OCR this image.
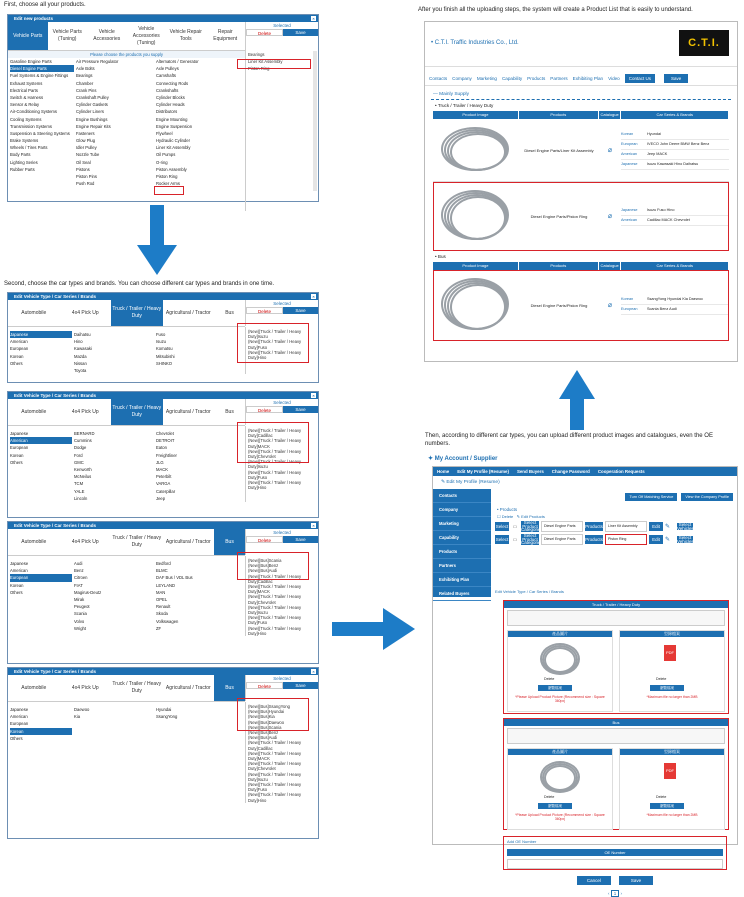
First, choose all your products.
Second, choose the car types and brands. You can choose different car types and brands in one time.
After you finish all the uploading steps, the system will create a Product List that is easily to understand.
Then, according to different car types, you can upload different product images and catalogues, even the OE numbers.
Edit new products	×
Vehicle Parts
Vehicle Parts (Tuning)
Vehicle Accessories
Vehicle Accessories (Tuning)
Vehicle Repair Tools
Repair Equipment
Selected
Delete	Save
Please choose the products you supply
Gasoline Engine Parts
Diesel Engine Parts
Fuel Systems & Engine Fittings
Exhaust Systems
Electrical Parts
Switch & Harness
Sensor & Relay
Air-Conditioning Systems
Cooling Systems
Transmission Systems
Suspension & Steering Systems
Brake Systems
Wheels / Tires Parts
Body Parts
Lighting Series
Rubber Parts
Air Pressure Regulator
Axle Bolts
Bearings
Chamber
Crank Pins
Crankshaft Pulley
Cylinder Gaskets
Cylinder Liners
Engine Bushings
Engine Repair Kits
Fasteners
Glow Plug
Idler Pulley
Nozzle Tube
Oil Seal
Pistons
Piston Pins
Push Rod
Alternators / Generator
Axle Pulleys
Camshafts
Connecting Rods
Crankshafts
Cylinder Blocks
Cylinder Heads
Distributors
Engine Mounting
Engine Suspension
Flywheel
Hydraulic Cylinder
Liner Kit Assembly
Oil Pumps
O-ring
Piston Assembly
Piston Ring
Rocker Arms
Bearings
Liner Kit Assembly
Piston Ring
Edit Vehicle Type / Car Series / Brands	×
Automobile	4x4 Pick Up
Truck / Trailer / Heavy Duty
Agricultural / Tractor	Bus
Selected
Delete	Save
Japanese
American
European
Korean
Others
Daihatsu
Hino
Kawasaki
Mazda
Nissan
Toyota
Fuso
Isuzu
Komatsu
Mitsubishi
SHINKO
(New)[Truck / Trailer / Heavy Duty]Isuzu
(New)[Truck / Trailer / Heavy Duty]Fuso
(New)[Truck / Trailer / Heavy Duty]Hino
Edit Vehicle Type / Car Series / Brands	×
Automobile	4x4 Pick Up
Truck / Trailer / Heavy Duty
Agricultural / Tractor	Bus
Selected
Delete	Save
Japanese
American
European
Korean
Others
BERNARD
Cummins
Dodge
Ford
GMC
Kenworth
McNeilus
TCM
YALE
Lincoln
Chevrolet
DETROIT
Eaton
Freightliner
JLG
MACK
Peterbilt
VARGA
Caterpillar
Jeep
(New)[Truck / Trailer / Heavy Duty]Cadillac
(New)[Truck / Trailer / Heavy Duty]MACK
(New)[Truck / Trailer / Heavy Duty]Chevrolet
(New)[Truck / Trailer / Heavy Duty]Isuzu
(New)[Truck / Trailer / Heavy Duty]Fuso
(New)[Truck / Trailer / Heavy Duty]Hino
Edit Vehicle Type / Car Series / Brands	×
Automobile	4x4 Pick Up
Truck / Trailer / Heavy Duty
Agricultural / Tractor	Bus
Selected
Delete	Save
Japanese
American
European
Korean
Others
Audi
Benz
Citroen
FIAT
Magirus-Deutz
Mirak
Peugeot
Scania
Volvo
Wright
Bedford
BLMC
DAF Bus / VDL Bus
LEYLAND
MAN
OPEL
Renault
Skoda
Volkswagen
ZF
(New)[Bus]Scania
(New)[Bus]Benz
(New)[Bus]Audi
(New)[Truck / Trailer / Heavy Duty]Cadillac
(New)[Truck / Trailer / Heavy Duty]MACK
(New)[Truck / Trailer / Heavy Duty]Chevrolet
(New)[Truck / Trailer / Heavy Duty]Isuzu
(New)[Truck / Trailer / Heavy Duty]Fuso
(New)[Truck / Trailer / Heavy Duty]Hino
Edit Vehicle Type / Car Series / Brands	×
Automobile	4x4 Pick Up
Truck / Trailer / Heavy Duty
Agricultural / Tractor	Bus
Selected
Delete	Save
Japanese
American
European
Korean
Others
Daewoo
Kia
Hyundai
SsangYong
(New)[Bus]SsangYong
(New)[Bus]Hyundai
(New)[Bus]Kia
(New)[Bus]Daewoo
(New)[Bus]Scania
(New)[Bus]Benz
(New)[Bus]Audi
(New)[Truck / Trailer / Heavy Duty]Cadillac
(New)[Truck / Trailer / Heavy Duty]MACK
(New)[Truck / Trailer / Heavy Duty]Chevrolet
(New)[Truck / Trailer / Heavy Duty]Isuzu
(New)[Truck / Trailer / Heavy Duty]Fuso
(New)[Truck / Trailer / Heavy Duty]Hino
• C.T.I. Traffic Industries Co., Ltd.	C.T.I.
Contacts Company Marketing Capability Products Partners Exhibiting Plan Video	Contact Us	Save
— Mainly Supply
• Truck / Trailer / Heavy Duty
Product Image	Products	Catalogue	Car Series & Brands
Diesel Engine Parts/Liner Kit Assembly	⌀
Korean	Hyundai
European	IVECO John Deere BMW Benz Benz
American	Jeep MACK
Japanese	Isuzu Kawasaki Hino Daihatsu
Diesel Engine Parts/Piston Ring	⌀
Japanese	Isuzu Fuso Hino
American	Cadillac MACK Chevrolet
• Bus
Product Image	Products	Catalogue	Car Series & Brands
Diesel Engine Parts/Piston Ring	⌀
Korean	SsangYong Hyundai Kia Daewoo
European	Scania Benz Audi
✦ My Account / Supplier
Home Edit My Profile (Resume) Send Buyers Change Password Cooperation Requests
✎ Edit My Profile (Resume)
Contacts
Company
Marketing
Capability
Products
Partners
Exhibiting Plan
Related Buyers
Turn Off Matching Service	View the Company Profile
• Products
☐ Delete   ✎ Edit Products
Select	☐
Select Product Categories
Diesel Engine Parts	Products	Liner Kit Assembly	Edit ✎	Select Vehicles
Select	☐
Select Product Categories
Diesel Engine Parts	Products	Piston Ring	Edit ✎	Select Vehicles
Edit Vehicle Type / Car Series / Brands
Truck / Trailer / Heavy Duty
產品圖片
Delete
瀏覽檔案
*Please Upload Product Picture (Recommend size : Square 360px)
型錄檔案
PDF
Delete
瀏覽檔案
*Maximum file no larger than 2MB
Bus
產品圖片
Delete
瀏覽檔案
*Please Upload Product Picture (Recommend size : Square 360px)
型錄檔案
PDF
Delete
瀏覽檔案
*Maximum file no larger than 2MB
Add OE Number
OE Number
Cancel	Save
‹ 1 ›
